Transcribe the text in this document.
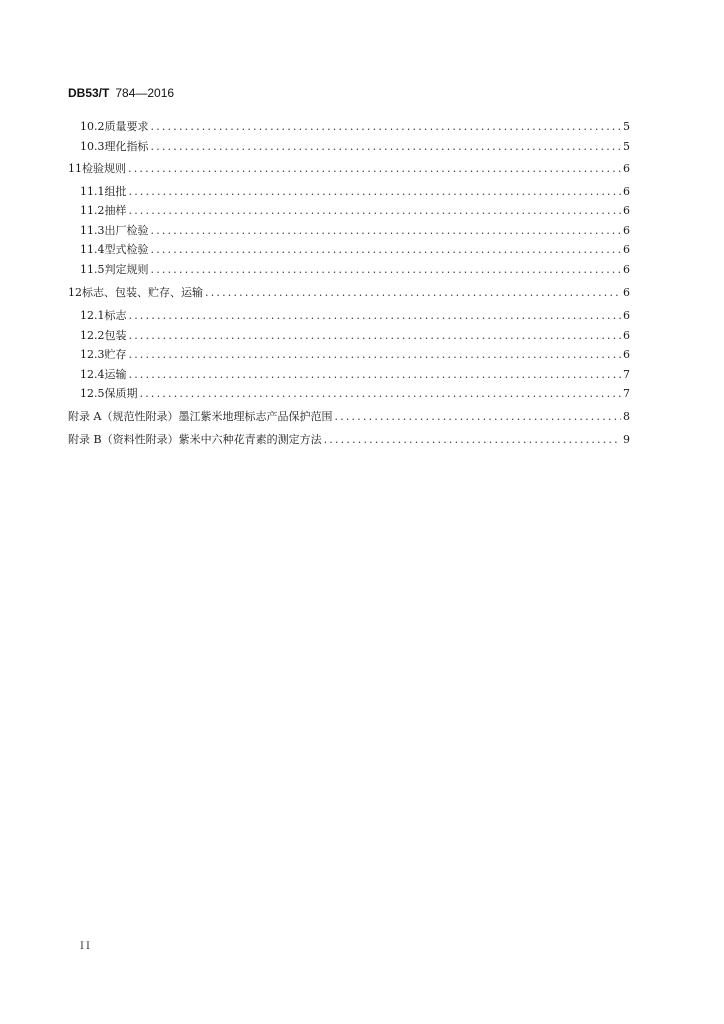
DB53/T 784—2016
10.2 质量要求 .....	5
10.3 理化指标 .....	5
11 检验规则 .....	6
11.1 组批 .....	6
11.2 抽样 .....	6
11.3 出厂检验 .....	6
11.4 型式检验 .....	6
11.5 判定规则 .....	6
12 标志、包装、贮存、运输 .....	6
12.1 标志 .....	6
12.2 包装 .....	6
12.3 贮存 .....	6
12.4 运输 .....	7
12.5 保质期 .....	7
附录 A（规范性附录） 墨江紫米地理标志产品保护范围 .....	8
附录 B（资料性附录） 紫米中六种花青素的测定方法 .....	9
II
